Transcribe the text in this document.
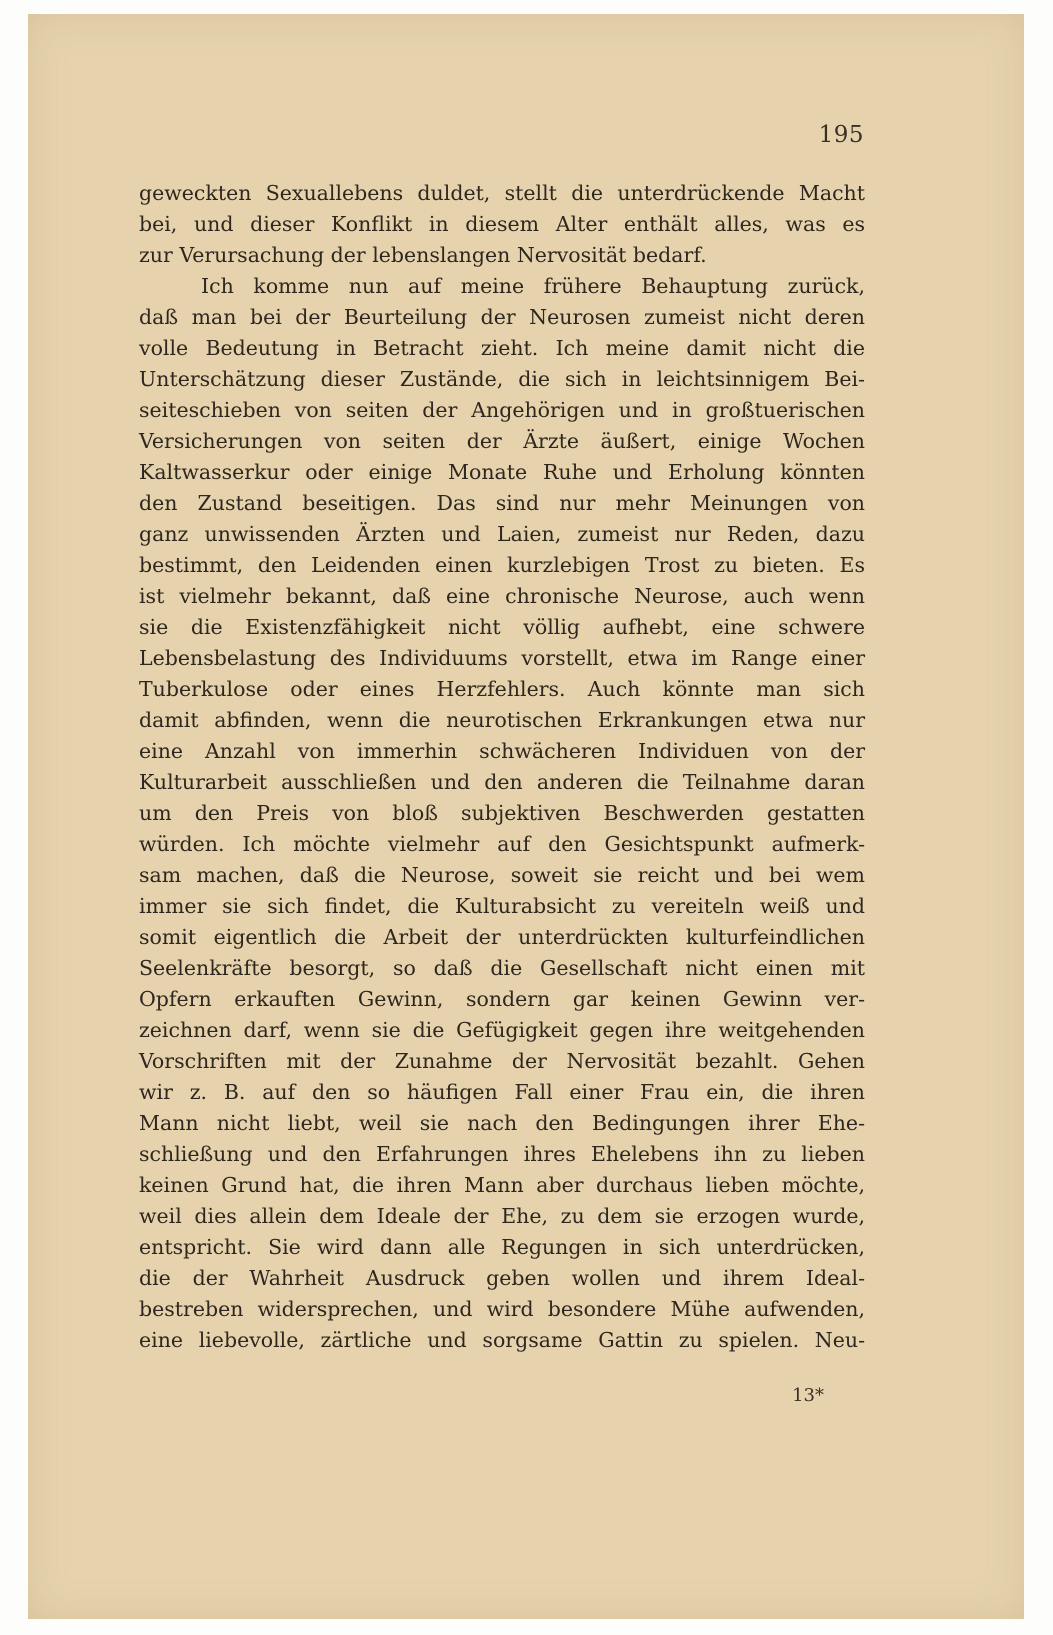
195
geweckten Sexuallebens duldet, stellt die unterdrückende Macht
bei, und dieser Konflikt in diesem Alter enthält alles, was es
zur Verursachung der lebenslangen Nervosität bedarf.
Ich komme nun auf meine frühere Behauptung zurück,
daß man bei der Beurteilung der Neurosen zumeist nicht deren
volle Bedeutung in Betracht zieht. Ich meine damit nicht die
Unterschätzung dieser Zustände, die sich in leichtsinnigem Bei-
seiteschieben von seiten der Angehörigen und in großtuerischen
Versicherungen von seiten der Ärzte äußert, einige Wochen
Kaltwasserkur oder einige Monate Ruhe und Erholung könnten
den Zustand beseitigen. Das sind nur mehr Meinungen von
ganz unwissenden Ärzten und Laien, zumeist nur Reden, dazu
bestimmt, den Leidenden einen kurzlebigen Trost zu bieten. Es
ist vielmehr bekannt, daß eine chronische Neurose, auch wenn
sie die Existenzfähigkeit nicht völlig aufhebt, eine schwere
Lebensbelastung des Individuums vorstellt, etwa im Range einer
Tuberkulose oder eines Herzfehlers. Auch könnte man sich
damit abfinden, wenn die neurotischen Erkrankungen etwa nur
eine Anzahl von immerhin schwächeren Individuen von der
Kulturarbeit ausschließen und den anderen die Teilnahme daran
um den Preis von bloß subjektiven Beschwerden gestatten
würden. Ich möchte vielmehr auf den Gesichtspunkt aufmerk-
sam machen, daß die Neurose, soweit sie reicht und bei wem
immer sie sich findet, die Kulturabsicht zu vereiteln weiß und
somit eigentlich die Arbeit der unterdrückten kulturfeindlichen
Seelenkräfte besorgt, so daß die Gesellschaft nicht einen mit
Opfern erkauften Gewinn, sondern gar keinen Gewinn ver-
zeichnen darf, wenn sie die Gefügigkeit gegen ihre weitgehenden
Vorschriften mit der Zunahme der Nervosität bezahlt. Gehen
wir z. B. auf den so häufigen Fall einer Frau ein, die ihren
Mann nicht liebt, weil sie nach den Bedingungen ihrer Ehe-
schließung und den Erfahrungen ihres Ehelebens ihn zu lieben
keinen Grund hat, die ihren Mann aber durchaus lieben möchte,
weil dies allein dem Ideale der Ehe, zu dem sie erzogen wurde,
entspricht. Sie wird dann alle Regungen in sich unterdrücken,
die der Wahrheit Ausdruck geben wollen und ihrem Ideal-
bestreben widersprechen, und wird besondere Mühe aufwenden,
eine liebevolle, zärtliche und sorgsame Gattin zu spielen. Neu-
13*
